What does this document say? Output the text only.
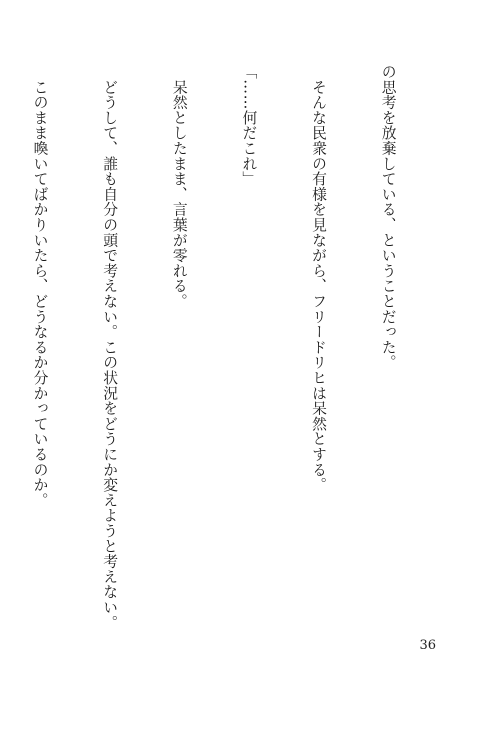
の思考を放棄している、ということだった。

　そんな民衆の有様を見ながら、フリードリヒは呆然とする。

「……何だこれ」

　呆然としたまま、言葉が零れる。

　どうして、誰も自分の頭で考えない。この状況をどうにか変えようと考えない。

　このまま喚いてばかりいたら、どうなるか分かっているのか。

36
